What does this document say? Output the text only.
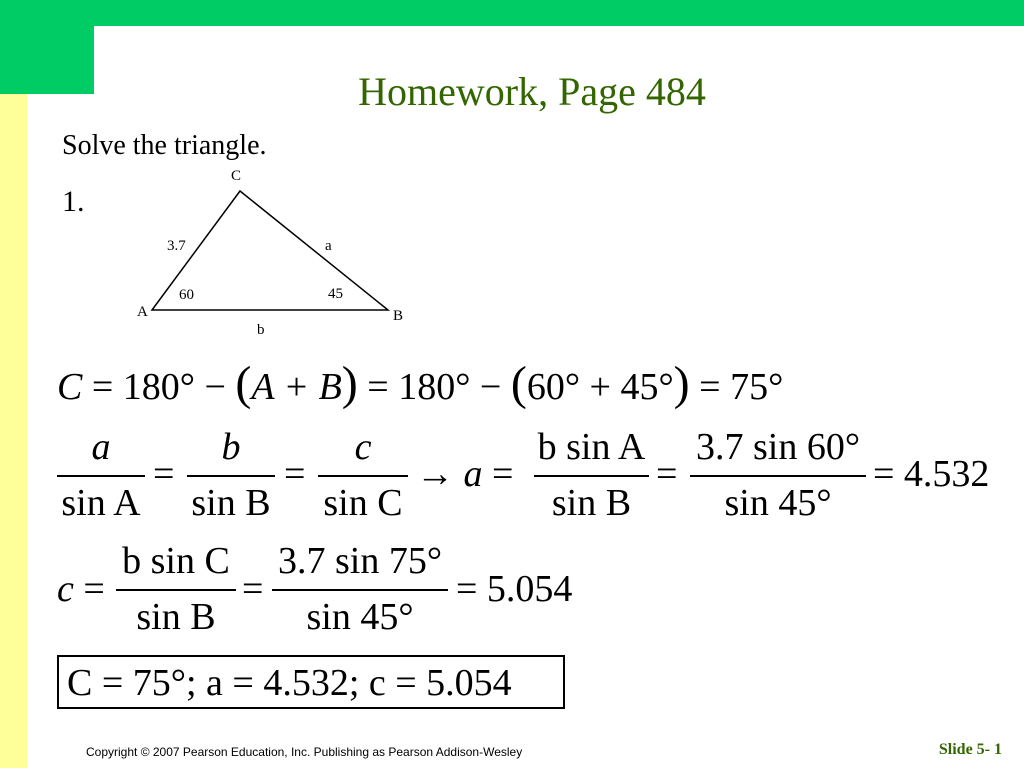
Homework, Page 484
Solve the triangle.
1.
C
A	B
3.7	a
b
60	45
C = 180° − (A + B) = 180° − (60° + 45°) = 75°
a
sin A
=
b
sin B
=
c
sin C
→ a =
b sin A
sin B
=
3.7 sin 60°
sin 45°
= 4.532
c =
b sin C
sin B
=
3.7 sin 75°
sin 45°
= 5.054
C = 75°; a = 4.532; c = 5.054
Copyright © 2007 Pearson Education, Inc. Publishing as Pearson Addison-Wesley	Slide 5- 1
